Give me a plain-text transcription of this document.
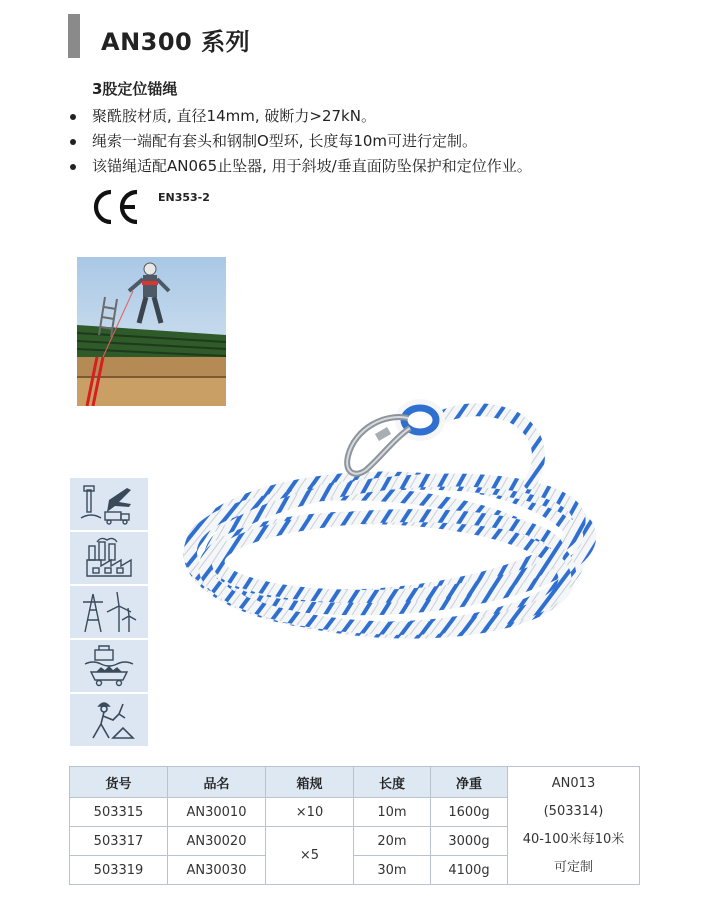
AN300 系列
3股定位锚绳
聚酰胺材质, 直径14mm, 破断力>27kN。
绳索一端配有套头和钢制O型环, 长度每10m可进行定制。
该锚绳适配AN065止坠器, 用于斜坡/垂直面防坠保护和定位作业。
EN353-2
货号	品名	箱规	长度	净重	AN013
(503314)
40-100米每10米
可定制

503315	AN30010	×10	10m	1600g	
503317	AN30020	×5	20m	3000g	
503319	AN30030		30m	4100g	
